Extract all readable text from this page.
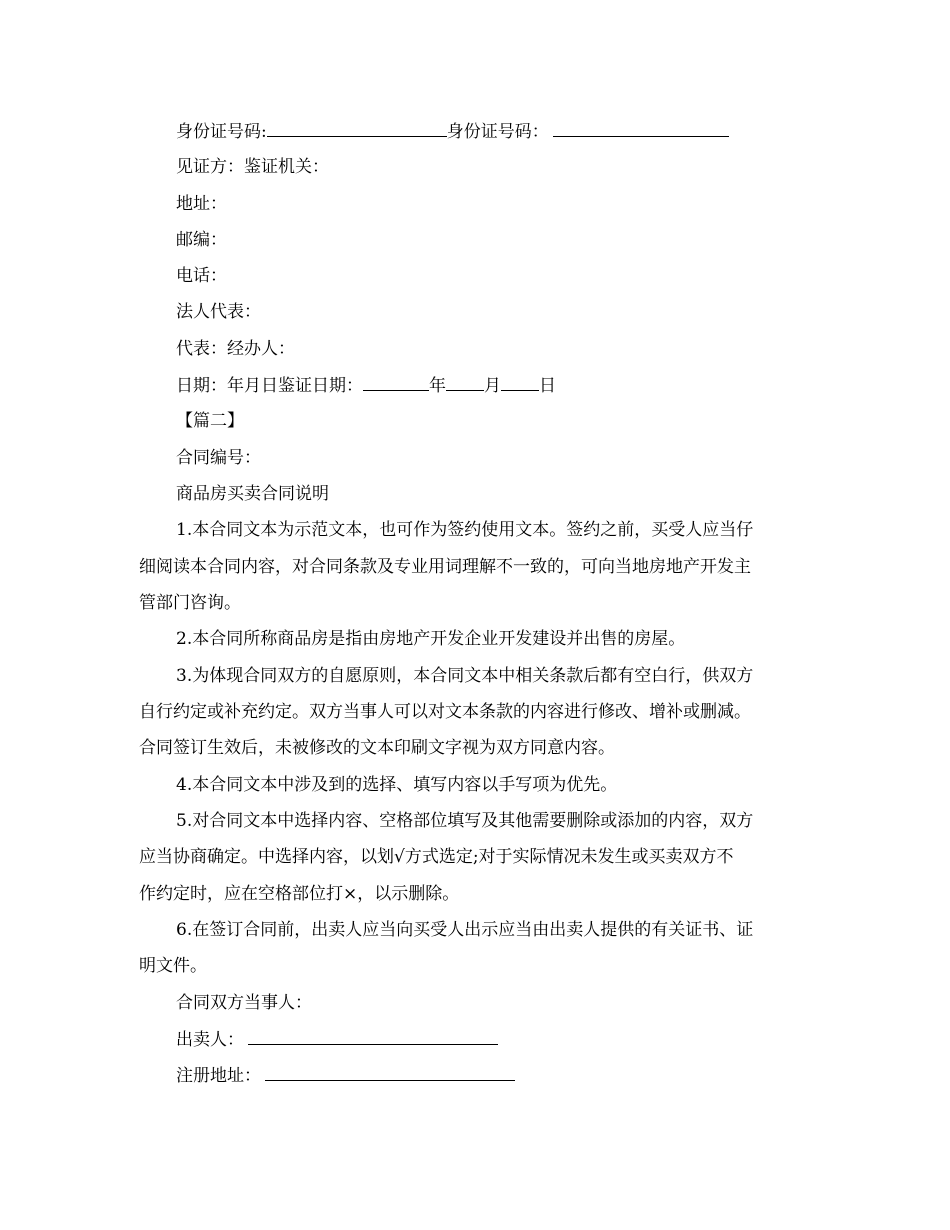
身份证号码:	身份证号码：
见证方：鉴证机关：
地址：
邮编：
电话：
法人代表：
代表：经办人：
日期：年月日鉴证日期：	年 月 日
【篇二】
合同编号：
商品房买卖合同说明
1.本合同文本为示范文本，也可作为签约使用文本。签约之前，买受人应当仔
细阅读本合同内容，对合同条款及专业用词理解不一致的，可向当地房地产开发主
管部门咨询。
2.本合同所称商品房是指由房地产开发企业开发建设并出售的房屋。
3.为体现合同双方的自愿原则，本合同文本中相关条款后都有空白行，供双方
自行约定或补充约定。双方当事人可以对文本条款的内容进行修改、增补或删减。
合同签订生效后，未被修改的文本印刷文字视为双方同意内容。
4.本合同文本中涉及到的选择、填写内容以手写项为优先。
5.对合同文本中选择内容、空格部位填写及其他需要删除或添加的内容，双方
应当协商确定。中选择内容，以划√方式选定;对于实际情况未发生或买卖双方不
作约定时，应在空格部位打×，以示删除。
6.在签订合同前，出卖人应当向买受人出示应当由出卖人提供的有关证书、证
明文件。
合同双方当事人：
出卖人：
注册地址：
